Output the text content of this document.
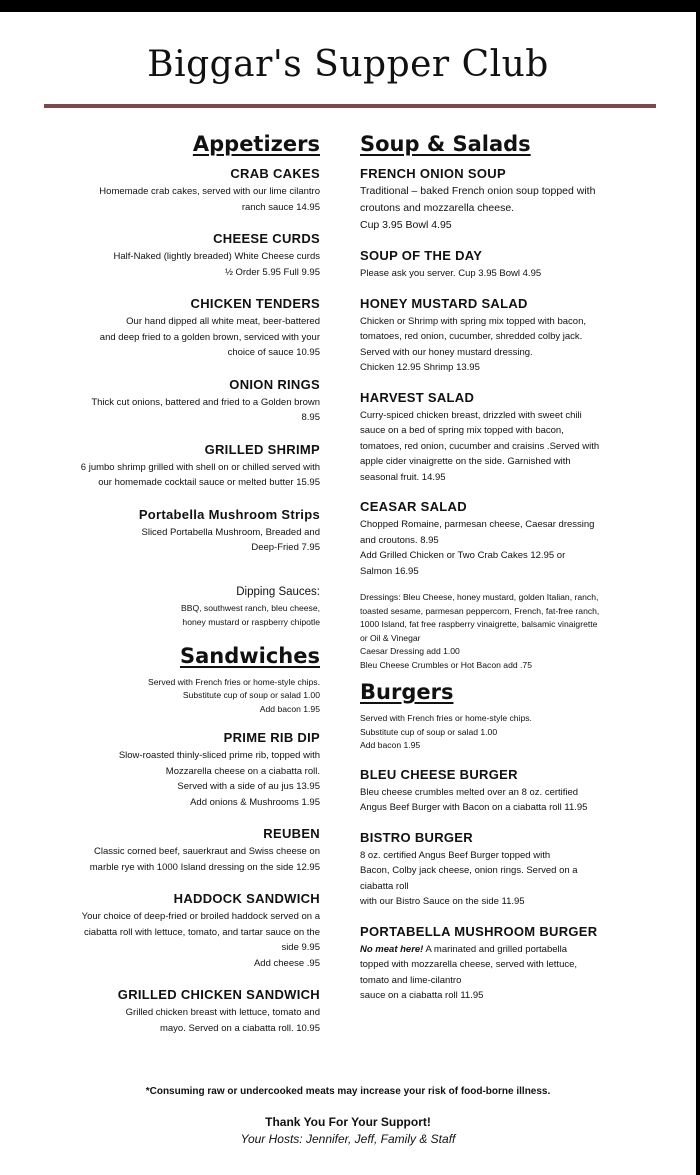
Biggar's Supper Club
Appetizers

CRAB CAKES

Homemade crab cakes, served with our lime cilantro
ranch sauce 14.95

CHEESE CURDS

Half-Naked (lightly breaded) White Cheese curds
½ Order 5.95 Full 9.95

CHICKEN TENDERS

Our hand dipped all white meat, beer-battered
and deep fried to a golden brown, serviced with your
choice of sauce 10.95

ONION RINGS

Thick cut onions, battered and fried to a Golden brown
8.95

GRILLED SHRIMP

6 jumbo shrimp grilled with shell on or chilled served with
our homemade cocktail sauce or melted butter 15.95

Portabella Mushroom Strips

Sliced Portabella Mushroom, Breaded and
Deep-Fried 7.95

Dipping Sauces:
BBQ, southwest ranch, bleu cheese,

honey mustard or raspberry chipotle

Sandwiches

Served with French fries or home-style chips.
Substitute cup of soup or salad 1.00
Add bacon 1.95

PRIME RIB DIP

Slow-roasted thinly-sliced prime rib, topped with
Mozzarella cheese on a ciabatta roll.
Served with a side of au jus 13.95
Add onions & Mushrooms 1.95

REUBEN

Classic corned beef, sauerkraut and Swiss cheese on
marble rye with 1000 Island dressing on the side 12.95

HADDOCK SANDWICH

Your choice of deep-fried or broiled haddock served on a
ciabatta roll with lettuce, tomato, and tartar sauce on the
side 9.95
Add cheese .95

GRILLED CHICKEN SANDWICH

Grilled chicken breast with lettuce, tomato and
mayo. Served on a ciabatta roll. 10.95

Soup & Salads

FRENCH ONION SOUP

Traditional – baked French onion soup topped with
croutons and mozzarella cheese.
Cup 3.95 Bowl 4.95

SOUP OF THE DAY

Please ask you server. Cup 3.95 Bowl 4.95

HONEY MUSTARD SALAD

Chicken or Shrimp with spring mix topped with bacon,
tomatoes, red onion, cucumber, shredded colby jack.
Served with our honey mustard dressing.
Chicken 12.95 Shrimp 13.95

HARVEST SALAD

Curry-spiced chicken breast, drizzled with sweet chili
sauce on a bed of spring mix topped with bacon,
tomatoes, red onion, cucumber and craisins .Served with
apple cider vinaigrette on the side. Garnished with
seasonal fruit. 14.95

CEASAR SALAD

Chopped Romaine, parmesan cheese, Caesar dressing
and croutons. 8.95
Add Grilled Chicken or Two Crab Cakes 12.95 or
Salmon 16.95

Dressings: Bleu Cheese, honey mustard, golden Italian, ranch,
toasted sesame, parmesan peppercorn, French, fat-free ranch,
1000 Island, fat free raspberry vinaigrette, balsamic vinaigrette
or Oil & Vinegar
Caesar Dressing add 1.00
Bleu Cheese Crumbles or Hot Bacon add .75

Burgers

Served with French fries or home-style chips.
Substitute cup of soup or salad 1.00
Add bacon 1.95

BLEU CHEESE BURGER

Bleu cheese crumbles melted over an 8 oz. certified
Angus Beef Burger with Bacon on a ciabatta roll 11.95

BISTRO BURGER

8 oz. certified Angus Beef Burger topped with
Bacon, Colby jack cheese, onion rings. Served on a
ciabatta roll
with our Bistro Sauce on the side 11.95

PORTABELLA MUSHROOM BURGER

No meat here! A marinated and grilled portabella
topped with mozzarella cheese, served with lettuce,
tomato and lime-cilantro
sauce on a ciabatta roll 11.95

*Consuming raw or undercooked meats may increase your risk of food-borne illness.
Thank You For Your Support!
Your Hosts: Jennifer, Jeff, Family & Staff
